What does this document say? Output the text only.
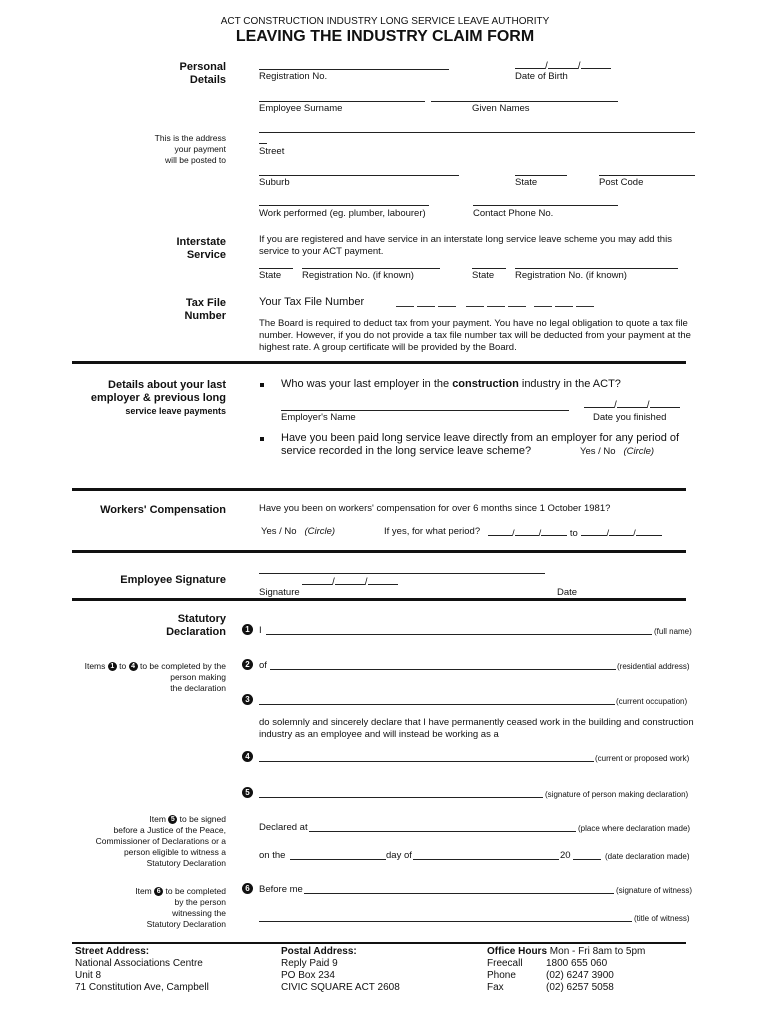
ACT CONSTRUCTION INDUSTRY LONG SERVICE LEAVE AUTHORITY
LEAVING THE INDUSTRY CLAIM FORM
Personal
Details	Registration No.
/	/
Date of Birth
Employee Surname	Given Names
This is the address
your payment
will be posted to
Street
Suburb	State	Post Code
Work performed (eg. plumber, labourer)	Contact Phone No.
Interstate
Service
If you are registered and have service in an interstate long service leave scheme you may add this
service to your ACT payment.
State Registration No. (if known)	State Registration No. (if known)
Tax File
Number
Your Tax File Number
The Board is required to deduct tax from your payment. You have no legal obligation to quote a tax file
number. However, if you do not provide a tax file number tax will be deducted from your payment at the
highest rate. A group certificate will be provided by the Board.
Details about your last
employer & previous long
service leave payments
Who was your last employer in the construction industry in the ACT?
/	/
Employer's Name	Date you finished
Have you been paid long service leave directly from an employer for any period of
service recorded in the long service leave scheme?	Yes / No (Circle)
Workers' Compensation	Have you been on workers' compensation for over 6 months since 1 October 1981?
Yes / No (Circle)	If yes, for what period?	/	/	to	/	/
Employee Signature	/	/
Signature	Date
Statutory
Declaration	1 I	(full name)
Items 1 to 4 to be completed by the
person making
the declaration
2 of	(residential address)
3	(current occupation)
do solemnly and sincerely declare that I have permanently ceased work in the building and construction
industry as an employee and will instead be working as a
4	(current or proposed work)
5	(signature of person making declaration)
Item 5 to be signed
before a Justice of the Peace,
Commissioner of Declarations or a
person eligible to witness a
Statutory Declaration
Declared at	(place where declaration made)
on the	day of	20	(date declaration made)
Item 6 to be completed
by the person
witnessing the
Statutory Declaration
6 Before me	(signature of witness)
(title of witness)
Street Address:
National Associations Centre
Unit 8
71 Constitution Ave, Campbell
Postal Address:
Reply Paid 9
PO Box 234
CIVIC SQUARE ACT 2608
Office Hours Mon - Fri 8am to 5pm
Freecall 1800 655 060
Phone	(02) 6247 3900
Fax	(02) 6257 5058
